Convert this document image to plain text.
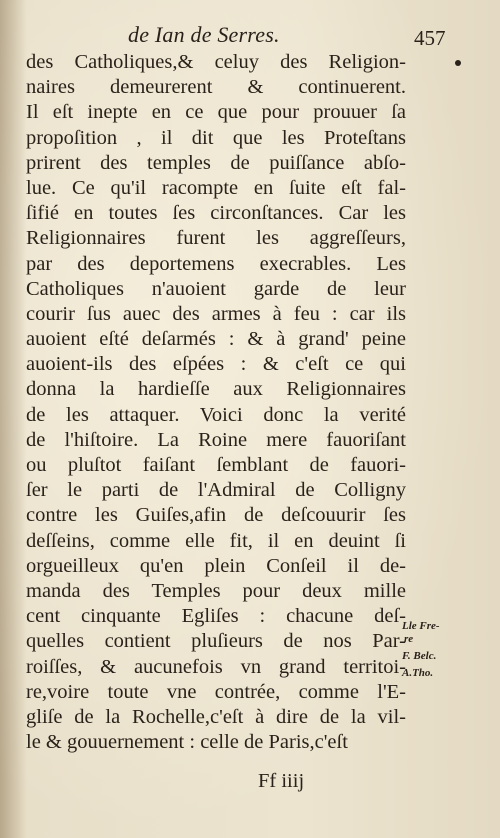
de Ian de Serres.	457
des Catholiques,& celuy des Religion-
naires demeurerent & continuerent.
Il eſt inepte en ce que pour prouuer ſa
propoſition , il dit que les Proteſtans
prirent des temples de puiſſance abſo-
lue. Ce qu'il racompte en ſuite eſt fal-
ſifié en toutes ſes circonſtances. Car les
Religionnaires furent les aggreſſeurs,
par des deportemens execrables. Les
Catholiques n'auoient garde de leur
courir ſus auec des armes à feu : car ils
auoient eſté deſarmés : & à grand' peine
auoient-ils des eſpées : & c'eſt ce qui
donna la hardieſſe aux Religionnaires
de les attaquer. Voici donc la verité
de l'hiſtoire. La Roine mere fauoriſant
ou pluſtot faiſant ſemblant de fauori-
ſer le parti de l'Admiral de Colligny
contre les Guiſes,afin de deſcouurir ſes
deſſeins, comme elle fit, il en deuint ſi
orgueilleux qu'en plein Conſeil il de-
manda des Temples pour deux mille
cent cinquante Egliſes : chacune deſ-
quelles contient pluſieurs de nos Par-
roiſſes, & aucunefois vn grand territoi-
re,voire toute vne contrée, comme l'E-
gliſe de la Rochelle,c'eſt à dire de la vil-
le & gouuernement : celle de Paris,c'eſt
Lle Fre-
re
F. Belc.
A.Tho.
Ff iiij
